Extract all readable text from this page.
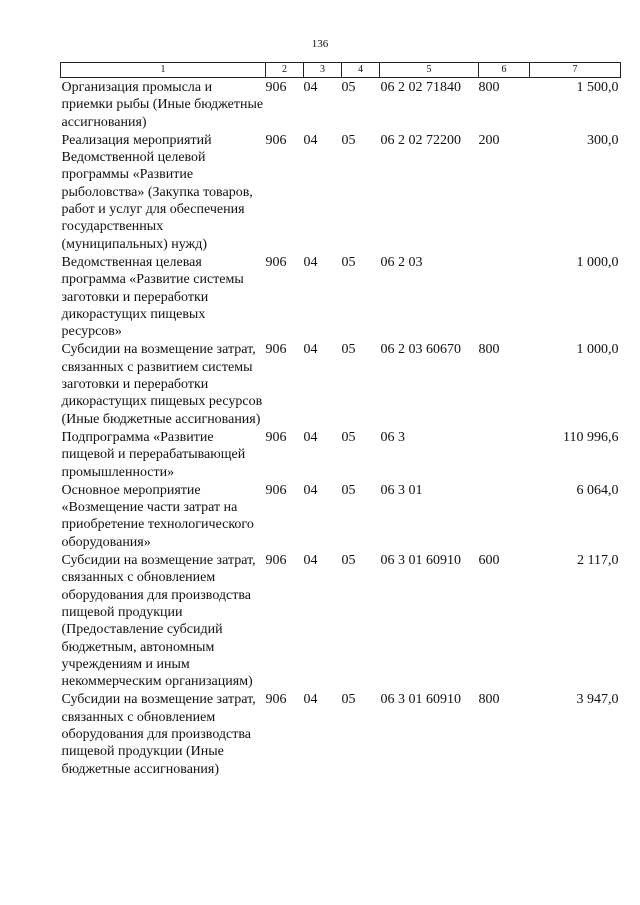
136
1	2	3	4	5	6	7
Организация промысла и приемки рыбы (Иные бюджетные ассигнования)	906	04	05	06 2 02 71840	800	1 500,0
Реализация мероприятий Ведомственной целевой программы «Развитие рыболовства» (Закупка товаров, работ и услуг для обеспечения государственных (муниципальных) нужд)	906	04	05	06 2 02 72200	200	300,0
Ведомственная целевая программа «Развитие системы заготовки и переработки дикорастущих пищевых ресурсов»	906	04	05	06 2 03		1 000,0
Субсидии на возмещение затрат, связанных с развитием системы заготовки и переработки дикорастущих пищевых ресурсов (Иные бюджетные ассигнования)	906	04	05	06 2 03 60670	800	1 000,0
Подпрограмма «Развитие пищевой и перерабатывающей промышленности»	906	04	05	06 3		110 996,6
Основное мероприятие «Возмещение части затрат на приобретение технологического оборудования»	906	04	05	06 3 01		6 064,0
Субсидии на возмещение затрат, связанных с обновлением оборудования для производства пищевой продукции (Предоставление субсидий бюджетным, автономным учреждениям и иным некоммерческим организациям)	906	04	05	06 3 01 60910	600	2 117,0
Субсидии на возмещение затрат, связанных с обновлением оборудования для производства пищевой продукции (Иные бюджетные ассигнования)	906	04	05	06 3 01 60910	800	3 947,0
